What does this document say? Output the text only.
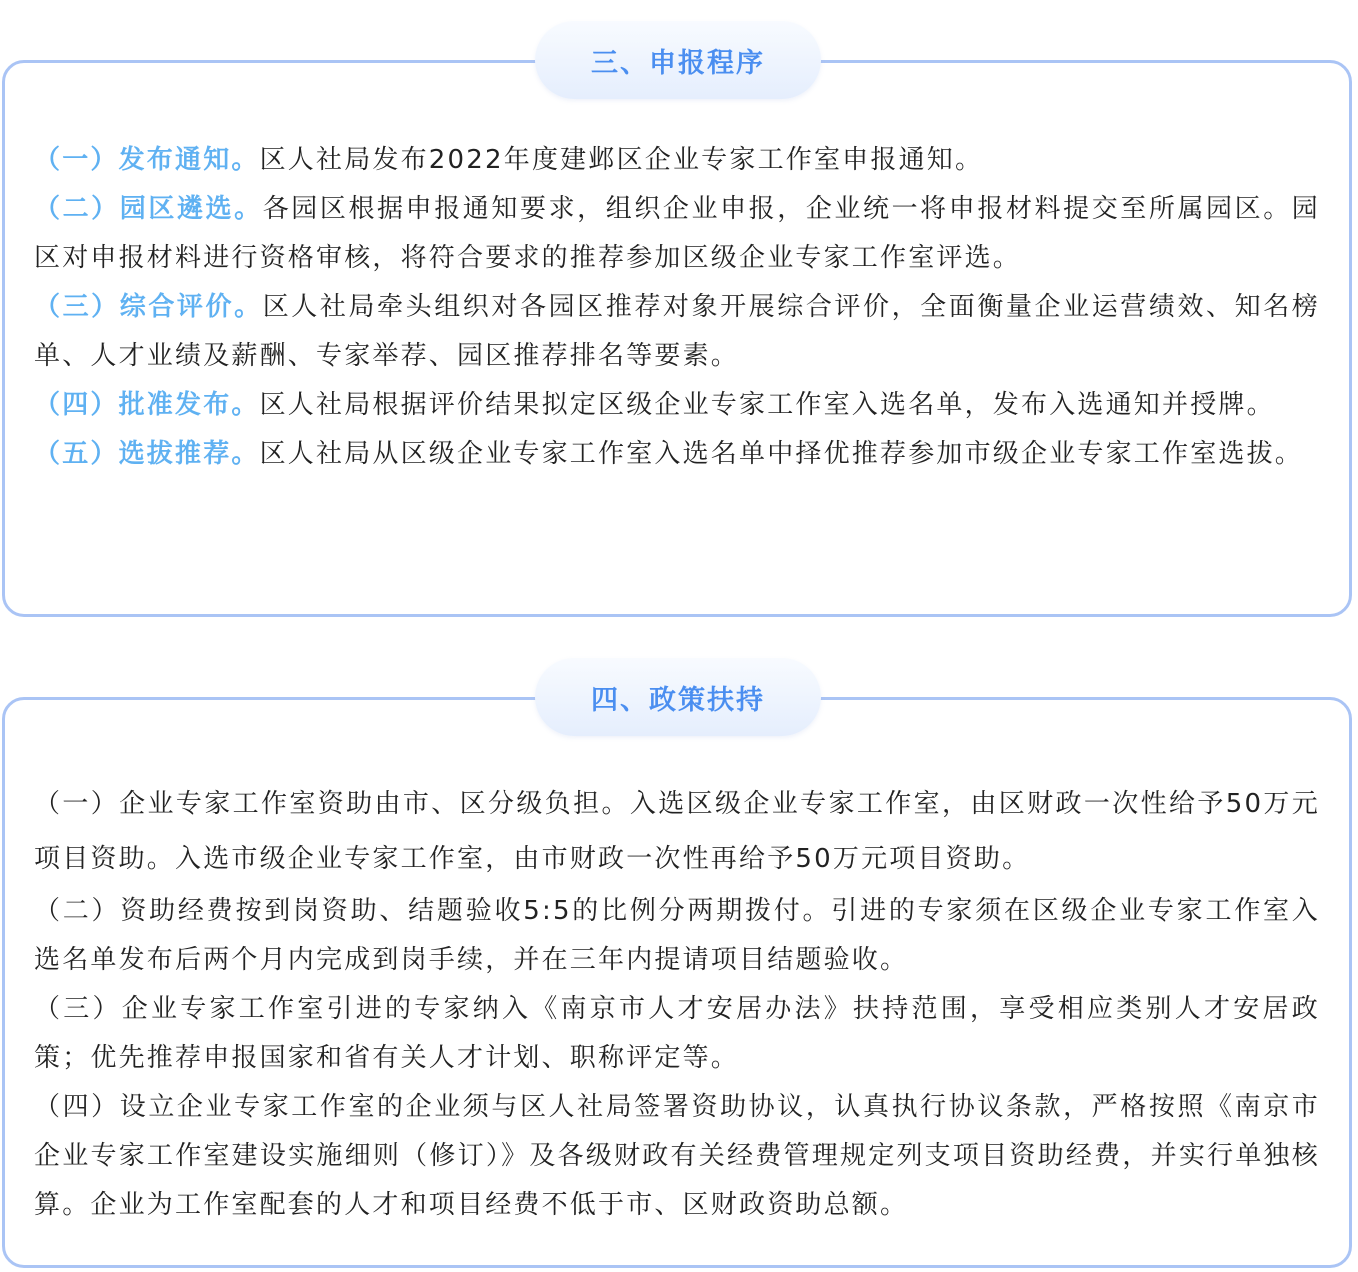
三、申报程序

（一）发布通知。区人社局发布2022年度建邺区企业专家工作室申报通知。

（二）园区遴选。各园区根据申报通知要求，组织企业申报，企业统一将申报材料提交至所属园区。园区对申报材料进行资格审核，将符合要求的推荐参加区级企业专家工作室评选。

（三）综合评价。区人社局牵头组织对各园区推荐对象开展综合评价，全面衡量企业运营绩效、知名榜单、人才业绩及薪酬、专家举荐、园区推荐排名等要素。

（四）批准发布。区人社局根据评价结果拟定区级企业专家工作室入选名单，发布入选通知并授牌。

（五）选拔推荐。区人社局从区级企业专家工作室入选名单中择优推荐参加市级企业专家工作室选拔。

四、政策扶持

（一）企业专家工作室资助由市、区分级负担。入选区级企业专家工作室，由区财政一次性给予50万元项目资助。入选市级企业专家工作室，由市财政一次性再给予50万元项目资助。

（二）资助经费按到岗资助、结题验收5:5的比例分两期拨付。引进的专家须在区级企业专家工作室入选名单发布后两个月内完成到岗手续，并在三年内提请项目结题验收。

（三）企业专家工作室引进的专家纳入《南京市人才安居办法》扶持范围，享受相应类别人才安居政策；优先推荐申报国家和省有关人才计划、职称评定等。

（四）设立企业专家工作室的企业须与区人社局签署资助协议，认真执行协议条款，严格按照《南京市企业专家工作室建设实施细则（修订）》及各级财政有关经费管理规定列支项目资助经费，并实行单独核算。企业为工作室配套的人才和项目经费不低于市、区财政资助总额。
